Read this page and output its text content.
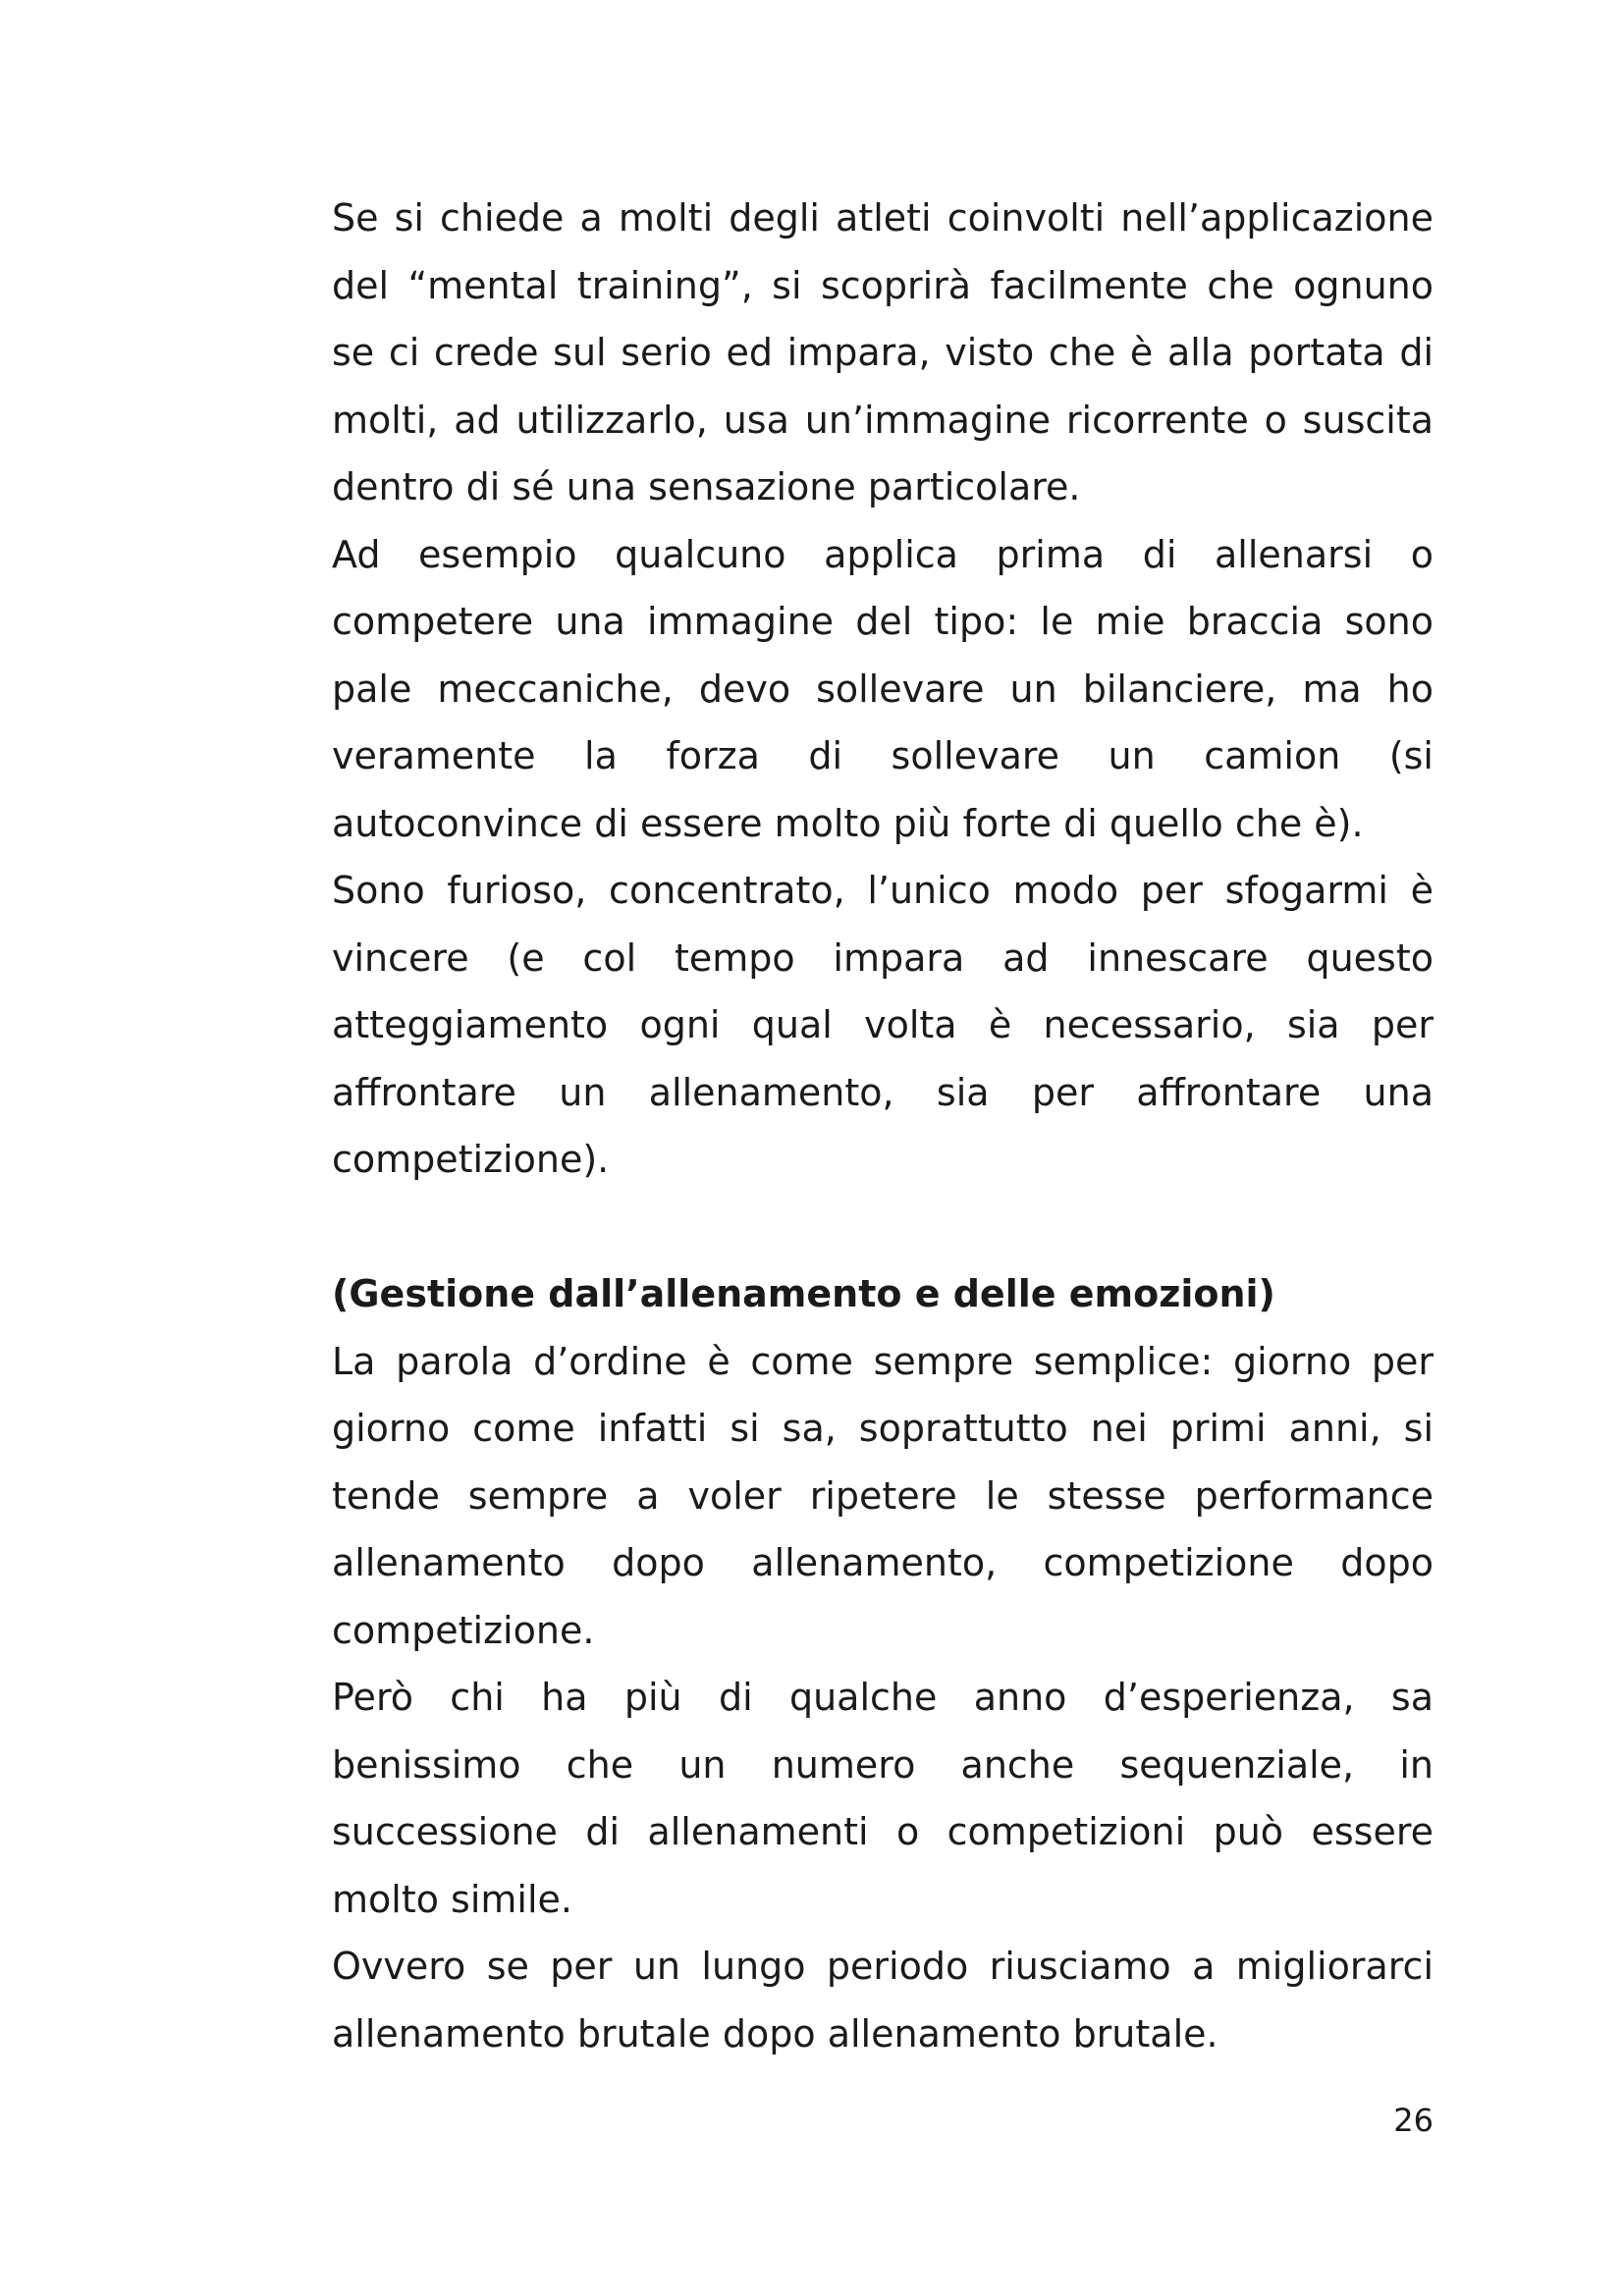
Se si chiede a molti degli atleti coinvolti nell’applicazione del “mental training”, si scoprirà facilmente che ognuno se ci crede sul serio ed impara, visto che è alla portata di molti, ad utilizzarlo, usa un’immagine ricorrente o suscita dentro di sé una sensazione particolare.

Ad esempio qualcuno applica prima di allenarsi o competere una immagine del tipo: le mie braccia sono pale meccaniche, devo sollevare un bilanciere, ma ho veramente la forza di sollevare un camion (si autoconvince di essere molto più forte di quello che è).

Sono furioso, concentrato, l’unico modo per sfogarmi è vincere (e col tempo impara ad innescare questo atteggiamento ogni qual volta è necessario, sia per affrontare un allenamento, sia per affrontare una competizione).

(Gestione dall’allenamento e delle emozioni)

La parola d’ordine è come sempre semplice: giorno per giorno come infatti si sa, soprattutto nei primi anni, si tende sempre a voler ripetere le stesse performance allenamento dopo allenamento, competizione dopo competizione.

Però chi ha più di qualche anno d’esperienza, sa benissimo che un numero anche sequenziale, in successione di allenamenti o competizioni può essere molto simile.

Ovvero se per un lungo periodo riusciamo a migliorarci allenamento brutale dopo allenamento brutale.

26
